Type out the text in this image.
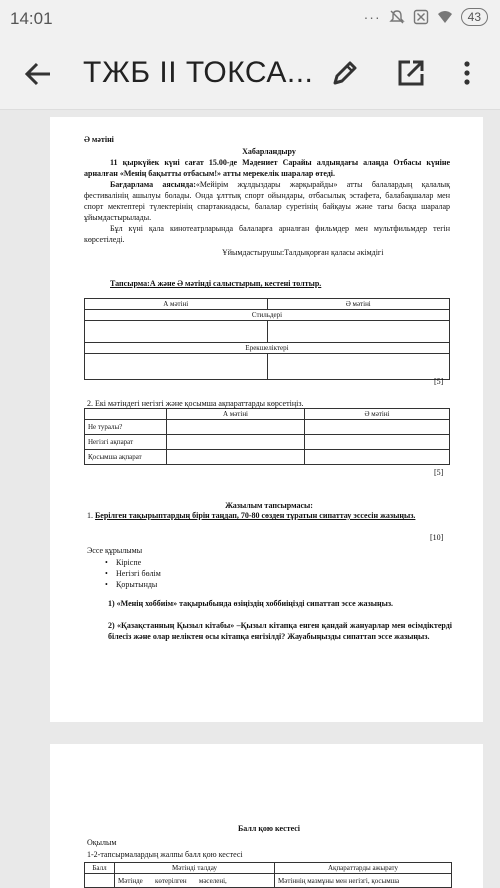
14:01	···	43
ТЖБ II ТОКСА...
Ә мәтіні
Хабарландыру
11 қыркүйек күні сағат 15.00-де Мәдениет Сарайы алдындағы алаңда Отбасы күніне арналған «Менің бақытты отбасым!» атты мерекелік шаралар өтеді.
Бағдарлама аясында:«Мейірім жұлдыздары жарқырайды» атты балалардың қалалық фестивалінің ашылуы болады. Онда ұлттық спорт ойындары, отбасылық эстафета, балабақшалар мен спорт мектептері түлектерінің спартакиадасы, балалар суретінің байқауы және тағы басқа шаралар ұйымдастырылады.
Бұл күні қала кинотеатрларында балаларға арналған фильмдер мен мультфильмдер тегін көрсетіледі.
Ұйымдастырушы:Талдықорған қаласы әкімдігі
Тапсырма:А және Ә мәтінді салыстырып, кестені толтыр.
А мәтіні	Ә мәтіні
Стильдері	

Ерекшеліктері	

[5]
2. Екі мәтіндегі негізгі және қосымша ақпараттарды көрсетіңіз.
	А мәтіні	Ә мәтіні
Не туралы?		
Негізгі ақпарат		
Қосымша ақпарат		
[5]
Жазылым тапсырмасы:
1. Берілген тақырыптардың бірін таңдап, 70-80 сөзден тұратын сипаттау эссесін жазыңыз.
[10]
Эссе құрылымы
• Кіріспе
• Негізгі бөлім
• Қорытынды
1) «Менің хоббиім» тақырыбында өзіңіздің хоббиіңізді сипаттап эссе жазыңыз.
2) «Қазақстанның Қызыл кітабы» –Қызыл кітапқа енген қандай жануарлар мен өсімдіктерді білесіз және олар неліктен осы кітапқа енгізілді? Жауабыңызды сипаттап эссе жазыңыз.
Балл қою кестесі
Оқылым
1-2-тапсырмалардың жалпы балл қою кестесі
Балл	Мәтінді талдау	Ақпараттарды ажырату
	Мәтінде көтерілген мәселені,	Мәтіннің мазмұны мен негізгі, қосымша
